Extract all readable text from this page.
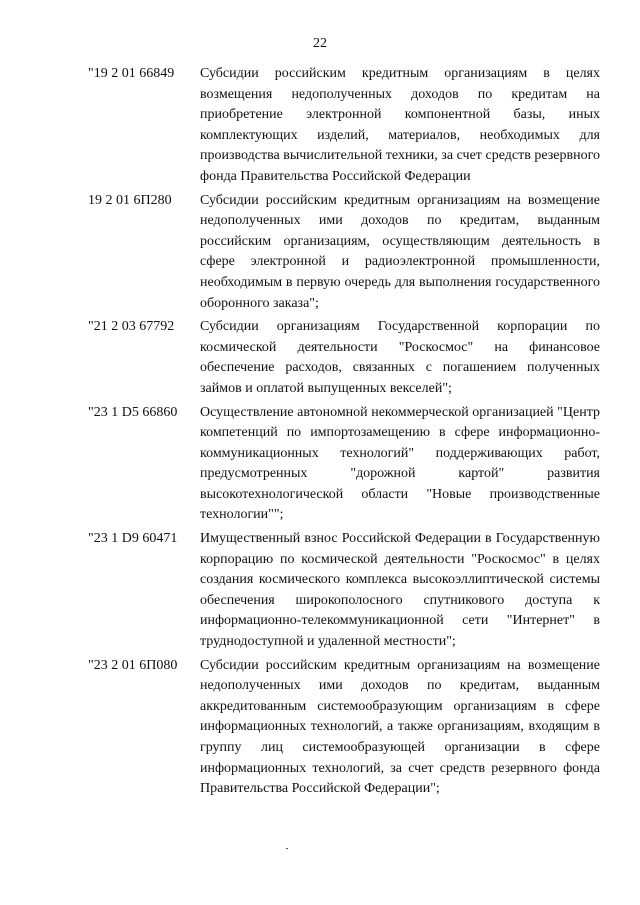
22
"19 2 01 66849	Субсидии российским кредитным организациям в целях возмещения недополученных доходов по кредитам на приобретение электронной компонентной базы, иных комплектующих изделий, материалов, необходимых для производства вычислительной техники, за счет средств резервного фонда Правительства Российской Федерации
19 2 01 6П280	Субсидии российским кредитным организациям на возмещение недополученных ими доходов по кредитам, выданным российским организациям, осуществляющим деятельность в сфере электронной и радиоэлектронной промышленности, необходимым в первую очередь для выполнения государственного оборонного заказа";
"21 2 03 67792	Субсидии организациям Государственной корпорации по космической деятельности "Роскосмос" на финансовое обеспечение расходов, связанных с погашением полученных займов и оплатой выпущенных векселей";
"23 1 D5 66860	Осуществление автономной некоммерческой организацией "Центр компетенций по импортозамещению в сфере информационно-коммуникационных технологий" поддерживающих работ, предусмотренных "дорожной картой" развития высокотехнологической области "Новые производственные технологии"";
"23 1 D9 60471	Имущественный взнос Российской Федерации в Государственную корпорацию по космической деятельности "Роскосмос" в целях создания космического комплекса высокоэллиптической системы обеспечения широкополосного спутникового доступа к информационно-телекоммуникационной сети "Интернет" в труднодоступной и удаленной местности";
"23 2 01 6П080	Субсидии российским кредитным организациям на возмещение недополученных ими доходов по кредитам, выданным аккредитованным системообразующим организациям в сфере информационных технологий, а также организациям, входящим в группу лиц системообразующей организации в сфере информационных технологий, за счет средств резервного фонда Правительства Российской Федерации";
